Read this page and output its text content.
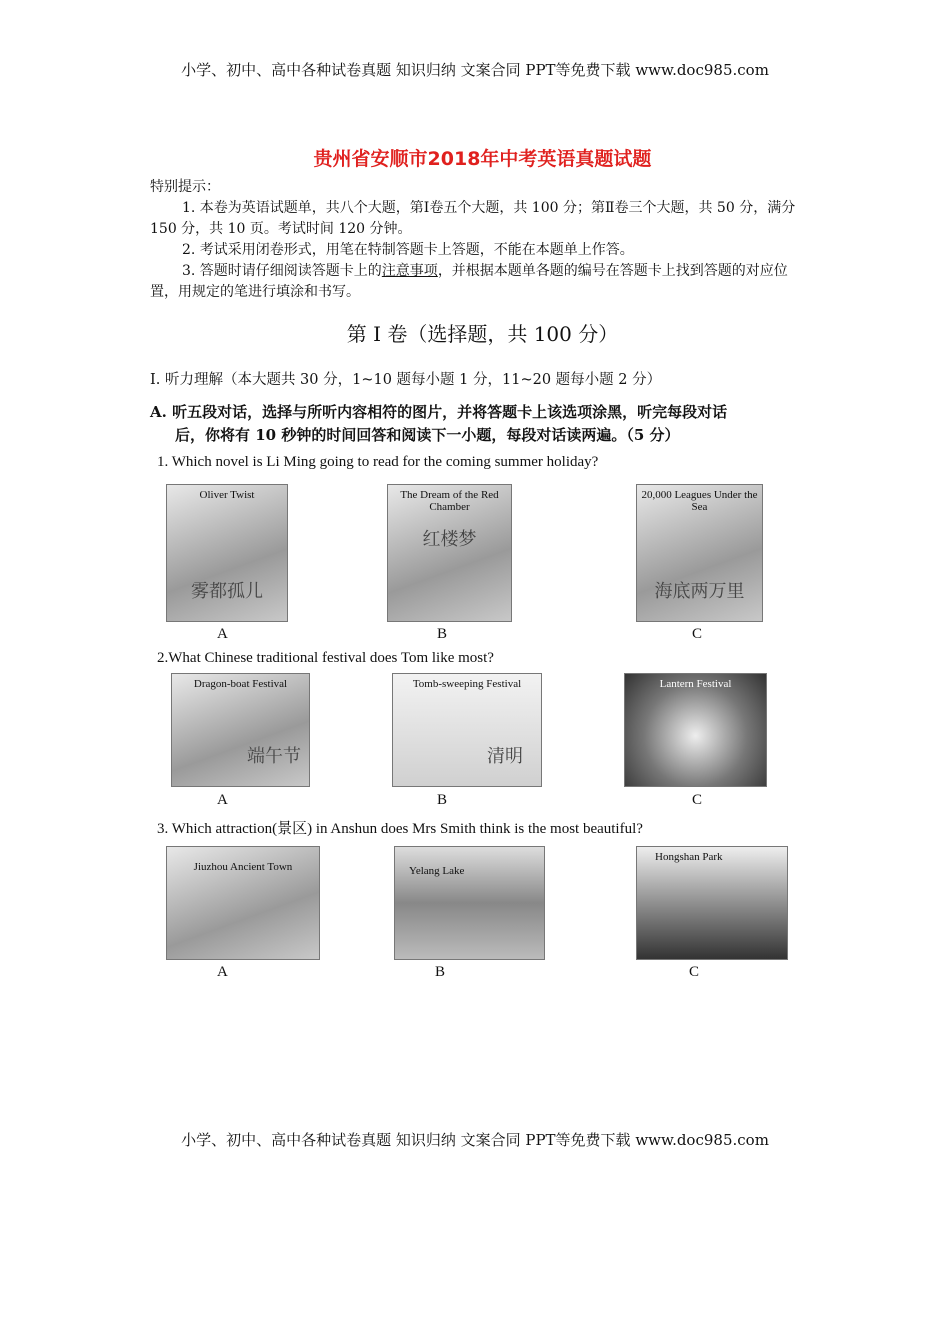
小学、初中、高中各种试卷真题 知识归纳 文案合同 PPT等免费下载 www.doc985.com
贵州省安顺市2018年中考英语真题试题
特别提示：
1. 本卷为英语试题单，共八个大题，第Ⅰ卷五个大题，共 100 分；第Ⅱ卷三个大题，共 50 分，满分 150 分，共 10 页。考试时间 120 分钟。
2. 考试采用闭卷形式，用笔在特制答题卡上答题，不能在本题单上作答。
3. 答题时请仔细阅读答题卡上的注意事项，并根据本题单各题的编号在答题卡上找到答题的对应位置，用规定的笔进行填涂和书写。
第 Ⅰ 卷（选择题，共 100 分）
Ⅰ. 听力理解（本大题共 30 分，1~10 题每小题 1 分，11~20 题每小题 2 分）
A. 听五段对话，选择与所听内容相符的图片，并将答题卡上该选项涂黑，听完每段对话
后，你将有 10 秒钟的时间回答和阅读下一小题，每段对话读两遍。（5 分）
1. Which novel is Li Ming going to read for the coming summer holiday?
Oliver Twist
雾都孤儿
The Dream of the Red Chamber
红楼梦
20,000 Leagues Under the Sea
海底两万里
A	B	C
2.What Chinese traditional festival does Tom like most?
Dragon-boat Festival
端午节
Tomb-sweeping Festival
清明
Lantern Festival
A	B	C
3. Which attraction(景区) in Anshun does Mrs Smith think is the most beautiful?
Jiuzhou Ancient Town	Yelang Lake
Hongshan Park
A	B	C
小学、初中、高中各种试卷真题 知识归纳 文案合同 PPT等免费下载 www.doc985.com
